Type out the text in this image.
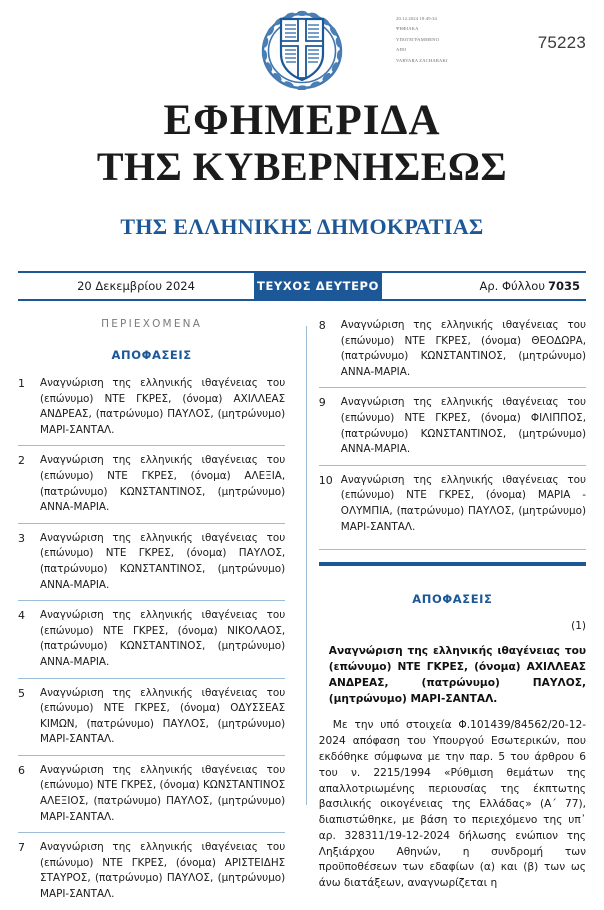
20.12.2024 18:49:34
ΨΗΦΙΑΚΑ
ΥΠΟΓΕΓΡΑΜΜΕΝΟ
ΑΠΟ
VARVARA ZACHARAKI
75223
ΕΦΗΜΕΡΙΔΑ
ΤΗΣ ΚΥΒΕΡΝΗΣΕΩΣ
ΤΗΣ ΕΛΛΗΝΙΚΗΣ ΔΗΜΟΚΡΑΤΙΑΣ
20 Δεκεμβρίου 2024	ΤΕΥΧΟΣ ΔΕΥΤΕΡΟ	Αρ. Φύλλου 7035
ΠΕΡΙΕΧΟΜΕΝΑ
ΑΠΟΦΑΣΕΙΣ
1	Αναγνώριση της ελληνικής ιθαγένειας του (επώνυμο) ΝΤΕ ΓΚΡΕΣ, (όνομα) ΑΧΙΛΛΕΑΣ ΑΝΔΡΕΑΣ, (πατρώνυμο) ΠΑΥΛΟΣ, (μητρώνυμο) ΜΑΡΙ-ΣΑΝΤΑΛ.
2	Αναγνώριση της ελληνικής ιθαγένειας του (επώνυμο) ΝΤΕ ΓΚΡΕΣ, (όνομα) ΑΛΕΞΙΑ, (πατρώνυμο) ΚΩΝΣΤΑΝΤΙΝΟΣ, (μητρώνυμο) ΑΝΝΑ-ΜΑΡΙΑ.
3	Αναγνώριση της ελληνικής ιθαγένειας του (επώνυμο) ΝΤΕ ΓΚΡΕΣ, (όνομα) ΠΑΥΛΟΣ, (πατρώνυμο) ΚΩΝΣΤΑΝΤΙΝΟΣ, (μητρώνυμο) ΑΝΝΑ-ΜΑΡΙΑ.
4	Αναγνώριση της ελληνικής ιθαγένειας του (επώνυμο) ΝΤΕ ΓΚΡΕΣ, (όνομα) ΝΙΚΟΛΑΟΣ, (πατρώνυμο) ΚΩΝΣΤΑΝΤΙΝΟΣ, (μητρώνυμο) ΑΝΝΑ-ΜΑΡΙΑ.
5	Αναγνώριση της ελληνικής ιθαγένειας του (επώνυμο) ΝΤΕ ΓΚΡΕΣ, (όνομα) ΟΔΥΣΣΕΑΣ ΚΙΜΩΝ, (πατρώνυμο) ΠΑΥΛΟΣ, (μητρώνυμο) ΜΑΡΙ-ΣΑΝΤΑΛ.
6	Αναγνώριση της ελληνικής ιθαγένειας του (επώνυμο) ΝΤΕ ΓΚΡΕΣ, (όνομα) ΚΩΝΣΤΑΝΤΙΝΟΣ ΑΛΕΞΙΟΣ, (πατρώνυμο) ΠΑΥΛΟΣ, (μητρώνυμο) ΜΑΡΙ-ΣΑΝΤΑΛ.
7	Αναγνώριση της ελληνικής ιθαγένειας του (επώνυμο) ΝΤΕ ΓΚΡΕΣ, (όνομα) ΑΡΙΣΤΕΙΔΗΣ ΣΤΑΥΡΟΣ, (πατρώνυμο) ΠΑΥΛΟΣ, (μητρώνυμο) ΜΑΡΙ-ΣΑΝΤΑΛ.
8	Αναγνώριση της ελληνικής ιθαγένειας του (επώνυμο) ΝΤΕ ΓΚΡΕΣ, (όνομα) ΘΕΟΔΩΡΑ, (πατρώνυμο) ΚΩΝΣΤΑΝΤΙΝΟΣ, (μητρώνυμο) ΑΝΝΑ-ΜΑΡΙΑ.
9	Αναγνώριση της ελληνικής ιθαγένειας του (επώνυμο) ΝΤΕ ΓΚΡΕΣ, (όνομα) ΦΙΛΙΠΠΟΣ, (πατρώνυμο) ΚΩΝΣΤΑΝΤΙΝΟΣ, (μητρώνυμο) ΑΝΝΑ-ΜΑΡΙΑ.
10 Αναγνώριση της ελληνικής ιθαγένειας του (επώνυμο) ΝΤΕ ΓΚΡΕΣ, (όνομα) ΜΑΡΙΑ - ΟΛΥΜΠΙΑ, (πατρώνυμο) ΠΑΥΛΟΣ, (μητρώνυμο) ΜΑΡΙ-ΣΑΝΤΑΛ.
ΑΠΟΦΑΣΕΙΣ
(1)
Αναγνώριση της ελληνικής ιθαγένειας του (επώνυμο) ΝΤΕ ΓΚΡΕΣ, (όνομα) ΑΧΙΛΛΕΑΣ ΑΝΔΡΕΑΣ, (πατρώνυμο) ΠΑΥΛΟΣ, (μητρώνυμο) ΜΑΡΙ-ΣΑΝΤΑΛ.
Με την υπό στοιχεία Φ.101439/84562/20-12-2024 απόφαση του Υπουργού Εσωτερικών, που εκδόθηκε σύμφωνα με την παρ. 5 του άρθρου 6 του ν. 2215/1994 «Ρύθμιση θεμάτων της απαλλοτριωμένης περιουσίας της έκπτωτης βασιλικής οικογένειας της Ελλάδας» (Α΄ 77), διαπιστώθηκε, με βάση το περιεχόμενο της υπ᾽ αρ. 328311/19-12-2024 δήλωσης ενώπιον της Ληξιάρχου Αθηνών, η συνδρομή των προϋποθέσεων των εδαφίων (α) και (β) των ως άνω διατάξεων, αναγνωρίζεται η
